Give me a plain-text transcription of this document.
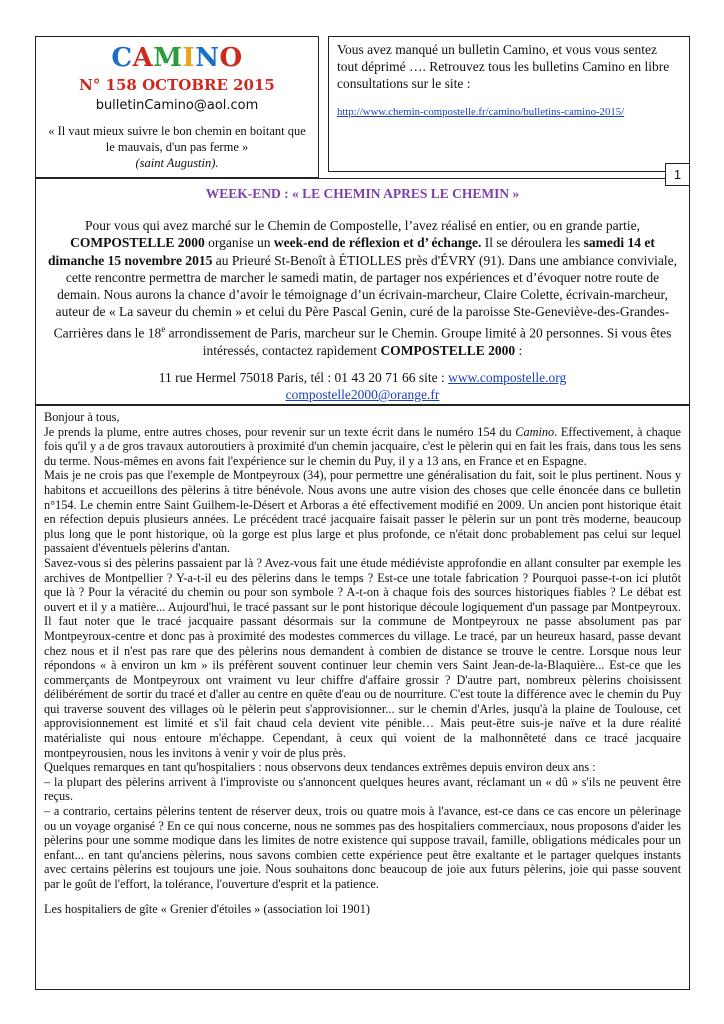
CAMINO
N° 158 OCTOBRE 2015
bulletinCamino@aol.com
« Il vaut mieux suivre le bon chemin en boitant que le mauvais, d'un pas ferme »
(saint Augustin).
Vous avez manqué un bulletin Camino, et vous vous sentez tout déprimé …. Retrouvez tous les bulletins Camino en libre consultations sur le site :
http://www.chemin-compostelle.fr/camino/bulletins-camino-2015/
WEEK-END : « LE CHEMIN APRES LE CHEMIN »
Pour vous qui avez marché sur le Chemin de Compostelle, l’avez réalisé en entier, ou en grande partie, COMPOSTELLE 2000 organise un week-end de réflexion et d’ échange. Il se déroulera les samedi 14 et dimanche 15 novembre 2015 au Prieuré St-Benoît à ÉTIOLLES près d'ÉVRY (91). Dans une ambiance conviviale, cette rencontre permettra de marcher le samedi matin, de partager nos expériences et d’évoquer notre route de demain. Nous aurons la chance d’avoir le témoignage d’un écrivain-marcheur, Claire Colette, écrivain-marcheur, auteur de « La saveur du chemin » et celui du Père Pascal Genin, curé de la paroisse Ste-Geneviève-des-Grandes-Carrières dans le 18e arrondissement de Paris, marcheur sur le Chemin. Groupe limité à 20 personnes. Si vous êtes intéressés, contactez rapidement COMPOSTELLE 2000 :
11 rue Hermel 75018 Paris, tél : 01 43 20 71 66 site : www.compostelle.org
compostelle2000@orange.fr
1

Bonjour à tous,

Je prends la plume, entre autres choses, pour revenir sur un texte écrit dans le numéro 154 du Camino. Effectivement, à chaque fois qu'il y a de gros travaux autoroutiers à proximité d'un chemin jacquaire, c'est le pèlerin qui en fait les frais, dans tous les sens du terme. Nous-mêmes en avons fait l'expérience sur le chemin du Puy, il y a 13 ans, en France et en Espagne.

Mais je ne crois pas que l'exemple de Montpeyroux (34), pour permettre une généralisation du fait, soit le plus pertinent. Nous y habitons et accueillons des pèlerins à titre bénévole. Nous avons une autre vision des choses que celle énoncée dans ce bulletin n°154. Le chemin entre Saint Guilhem-le-Désert et Arboras a été effectivement modifié en 2009. Un ancien pont historique était en réfection depuis plusieurs années. Le précédent tracé jacquaire faisait passer le pèlerin sur un pont très moderne, beaucoup plus long que le pont historique, où la gorge est plus large et plus profonde, ce n'était donc probablement pas celui sur lequel passaient d'éventuels pèlerins d'antan.

Savez-vous si des pèlerins passaient par là ? Avez-vous fait une étude médiéviste approfondie en allant consulter par exemple les archives de Montpellier ? Y-a-t-il eu des pèlerins dans le temps ? Est-ce une totale fabrication ? Pourquoi passe-t-on ici plutôt que là ? Pour la véracité du chemin ou pour son symbole ? A-t-on à chaque fois des sources historiques fiables ? Le débat est ouvert et il y a matière... Aujourd'hui, le tracé passant sur le pont historique découle logiquement d'un passage par Montpeyroux. Il faut noter que le tracé jacquaire passant désormais sur la commune de Montpeyroux ne passe absolument pas par Montpeyroux-centre et donc pas à proximité des modestes commerces du village. Le tracé, par un heureux hasard, passe devant chez nous et il n'est pas rare que des pèlerins nous demandent à combien de distance se trouve le centre. Lorsque nous leur répondons « à environ un km » ils préfèrent souvent continuer leur chemin vers Saint Jean-de-la-Blaquière... Est-ce que les commerçants de Montpeyroux ont vraiment vu leur chiffre d'affaire grossir ? D'autre part, nombreux pèlerins choisissent délibérément de sortir du tracé et d'aller au centre en quête d'eau ou de nourriture. C'est toute la différence avec le chemin du Puy qui traverse souvent des villages où le pèlerin peut s'approvisionner... sur le chemin d'Arles, jusqu'à la plaine de Toulouse, cet approvisionnement est limité et s'il fait chaud cela devient vite pénible… Mais peut-être suis-je naïve et la dure réalité matérialiste qui nous entoure m'échappe. Cependant, à ceux qui voient de la malhonnêteté dans ce tracé jacquaire montpeyrousien, nous les invitons à venir y voir de plus près.

Quelques remarques en tant qu'hospitaliers : nous observons deux tendances extrêmes depuis environ deux ans :

– la plupart des pèlerins arrivent à l'improviste ou s'annoncent quelques heures avant, réclamant un « dû » s'ils ne peuvent être reçus.

– a contrario, certains pèlerins tentent de réserver deux, trois ou quatre mois à l'avance, est-ce dans ce cas encore un pèlerinage ou un voyage organisé ? En ce qui nous concerne, nous ne sommes pas des hospitaliers commerciaux, nous proposons d'aider les pèlerins pour une somme modique dans les limites de notre existence qui suppose travail, famille, obligations médicales pour un enfant... en tant qu'anciens pèlerins, nous savons combien cette expérience peut être exaltante et le partager quelques instants avec certains pèlerins est toujours une joie. Nous souhaitons donc beaucoup de joie aux futurs pèlerins, joie qui passe souvent par le goût de l'effort, la tolérance, l'ouverture d'esprit et la patience.

Les hospitaliers de gîte « Grenier d'étoiles » (association loi 1901)
